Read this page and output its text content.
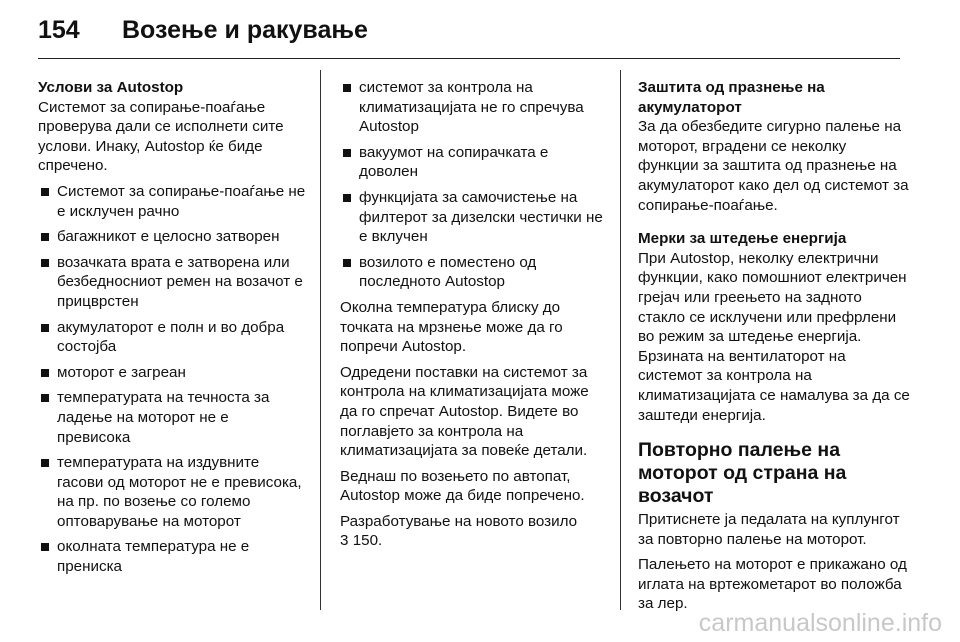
154 Возење и ракување
Услови за Autostop

Системот за сопирање-поаѓање проверува дали се исполнети сите услови. Инаку, Autostop ќе биде спречено.

Системот за сопирање-поаѓање не е исклучен рачно
багажникот е целосно затворен
возачката врата е затворена или безбедносниот ремен на возачот е прицврстен
акумулаторот е полн и во добра состојба
моторот е загреан
температурата на течноста за ладење на моторот не е превисока
температурата на издувните гасови од моторот не е превисока, на пр. по возење со големо оптоварување на моторот
околната температура не е прениска
системот за контрола на климатизацијата не го спречува Autostop
вакуумот на сопирачката е доволен
функцијата за самочистење на филтерот за дизелски честички не е вклучен
возилото е поместено од последното Autostop

Околна температура блиску до точката на мрзнење може да го попречи Autostop.

Одредени поставки на системот за контрола на климатизацијата може да го спречат Autostop. Видете во поглавјето за контрола на климатизацијата за повеќе детали.

Веднаш по возењето по автопат, Autostop може да биде попречено.

Разработување на новото возило
3 150.

Заштита од празнење на акумулаторот
За да обезбедите сигурно палење на моторот, вградени се неколку функции за заштита од празнење на акумулаторот како дел од системот за сопирање-поаѓање.
Мерки за штедење енергија
При Autostop, неколку електрични функции, како помошниот електричен грејач или греењето на задното стакло се исклучени или префрлени во режим за штедење енергија. Брзината на вентилаторот на системот за контрола на климатизацијата се намалува за да се заштеди енергија.
Повторно палење на моторот од страна на возачот

Притиснете ја педалата на куплунгот за повторно палење на моторот.

Палењето на моторот е прикажано од иглата на вртежометарот во положба за лер.

carmanualsonline.info
